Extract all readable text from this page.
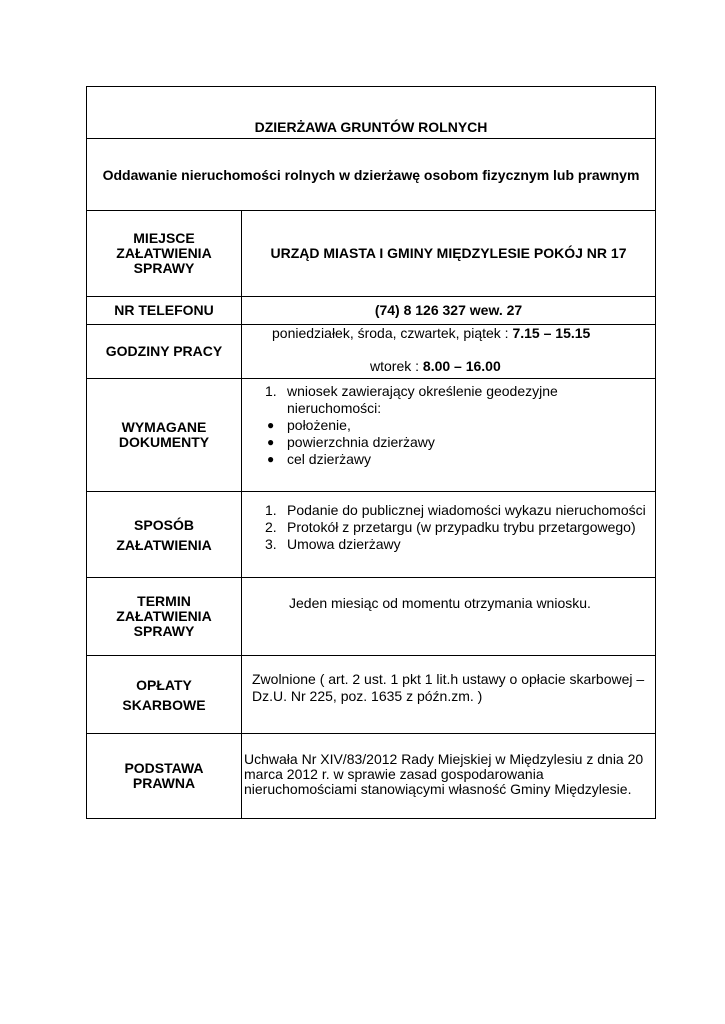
DZIERŻAWA GRUNTÓW ROLNYCH
Oddawanie nieruchomości rolnych w dzierżawę osobom fizycznym lub prawnym
MIEJSCE ZAŁATWIENIA SPRAWY
URZĄD MIASTA I GMINY MIĘDZYLESIE POKÓJ NR 17
NR TELEFONU	(74) 8 126 327 wew. 27
GODZINY PRACY
poniedziałek, środa, czwartek, piątek : 7.15 – 15.15
wtorek : 8.00 – 16.00
WYMAGANE DOKUMENTY
1. wniosek zawierający określenie geodezyjne nieruchomości:
● położenie,
● powierzchnia dzierżawy
● cel dzierżawy
SPOSÓB ZAŁATWIENIA
1. Podanie do publicznej wiadomości wykazu nieruchomości
2. Protokół z przetargu (w przypadku trybu przetargowego)
3. Umowa dzierżawy
TERMIN ZAŁATWIENIA SPRAWY
Jeden miesiąc od momentu otrzymania wniosku.
OPŁATY SKARBOWE
Zwolnione ( art. 2 ust. 1 pkt 1 lit.h ustawy o opłacie skarbowej – Dz.U. Nr 225, poz. 1635 z późn.zm. )
PODSTAWA PRAWNA
Uchwała Nr XIV/83/2012 Rady Miejskiej w Międzylesiu z dnia 20 marca 2012 r. w sprawie zasad gospodarowania nieruchomościami stanowiącymi własność Gminy Międzylesie.
